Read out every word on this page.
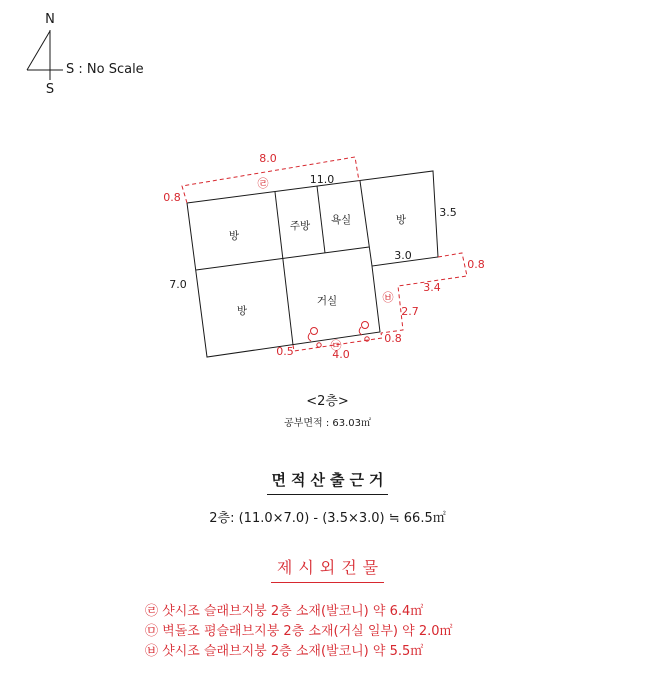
N
S : No Scale
S
방
주방 욕실	방
방
거실
11.0
3.5
3.0
7.0
8.0
0.8
㉣
0.8
3.4
2.7
0.8
㉥
0.5	4.0
㉤
<2층>
공부면적 : 63.03㎡
면적산출근거
2층: (11.0×7.0) - (3.5×3.0) ≒ 66.5㎡
제시외건물
㉣ 샷시조 슬래브지붕 2층 소재(발코니) 약 6.4㎡
㉤ 벽돌조 평슬래브지붕 2층 소재(거실 일부) 약 2.0㎡
㉥ 샷시조 슬래브지붕 2층 소재(발코니) 약 5.5㎡
